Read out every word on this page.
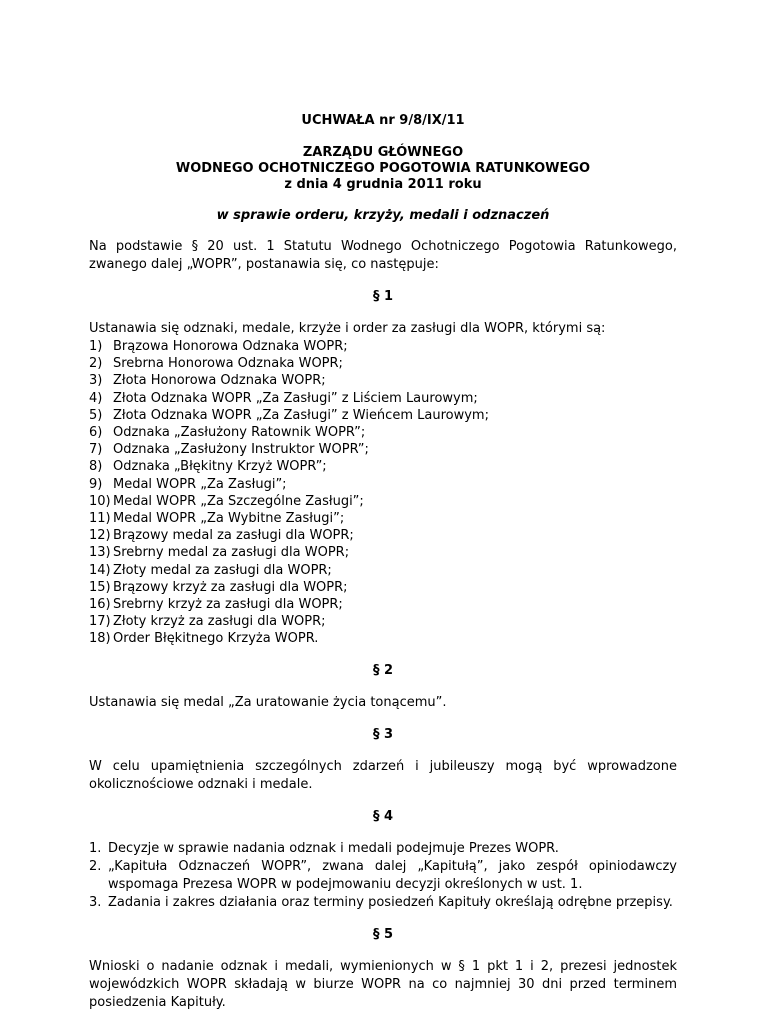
UCHWAŁA nr 9/8/IX/11
ZARZĄDU GŁÓWNEGO
WODNEGO OCHOTNICZEGO POGOTOWIA RATUNKOWEGO
z dnia 4 grudnia 2011 roku
w sprawie orderu, krzyży, medali i odznaczeń

Na podstawie § 20 ust. 1 Statutu Wodnego Ochotniczego Pogotowia Ratunkowego, zwanego dalej „WOPR”, postanawia się, co następuje:

§ 1

Ustanawia się odznaki, medale, krzyże i order za zasługi dla WOPR, którymi są:

1) Brązowa Honorowa Odznaka WOPR;
2) Srebrna Honorowa Odznaka WOPR;
3) Złota Honorowa Odznaka WOPR;
4) Złota Odznaka WOPR „Za Zasługi” z Liściem Laurowym;
5) Złota Odznaka WOPR „Za Zasługi” z Wieńcem Laurowym;
6) Odznaka „Zasłużony Ratownik WOPR”;
7) Odznaka „Zasłużony Instruktor WOPR”;
8) Odznaka „Błękitny Krzyż WOPR”;
9) Medal WOPR „Za Zasługi”;
10) Medal WOPR „Za Szczególne Zasługi”;
11) Medal WOPR „Za Wybitne Zasługi”;
12) Brązowy medal za zasługi dla WOPR;
13) Srebrny medal za zasługi dla WOPR;
14) Złoty medal za zasługi dla WOPR;
15) Brązowy krzyż za zasługi dla WOPR;
16) Srebrny krzyż za zasługi dla WOPR;
17) Złoty krzyż za zasługi dla WOPR;
18) Order Błękitnego Krzyża WOPR.
§ 2

Ustanawia się medal „Za uratowanie życia tonącemu”.

§ 3

W celu upamiętnienia szczególnych zdarzeń i jubileuszy mogą być wprowadzone okolicznościowe odznaki i medale.

§ 4
1. Decyzje w sprawie nadania odznak i medali podejmuje Prezes WOPR.
2. „Kapituła Odznaczeń WOPR”, zwana dalej „Kapitułą”, jako zespół opiniodawczy wspomaga Prezesa WOPR w podejmowaniu decyzji określonych w ust. 1.
3. Zadania i zakres działania oraz terminy posiedzeń Kapituły określają odrębne przepisy.
§ 5

Wnioski o nadanie odznak i medali, wymienionych w § 1 pkt 1 i 2, prezesi jednostek wojewódzkich WOPR składają w biurze WOPR na co najmniej 30 dni przed terminem posiedzenia Kapituły.
